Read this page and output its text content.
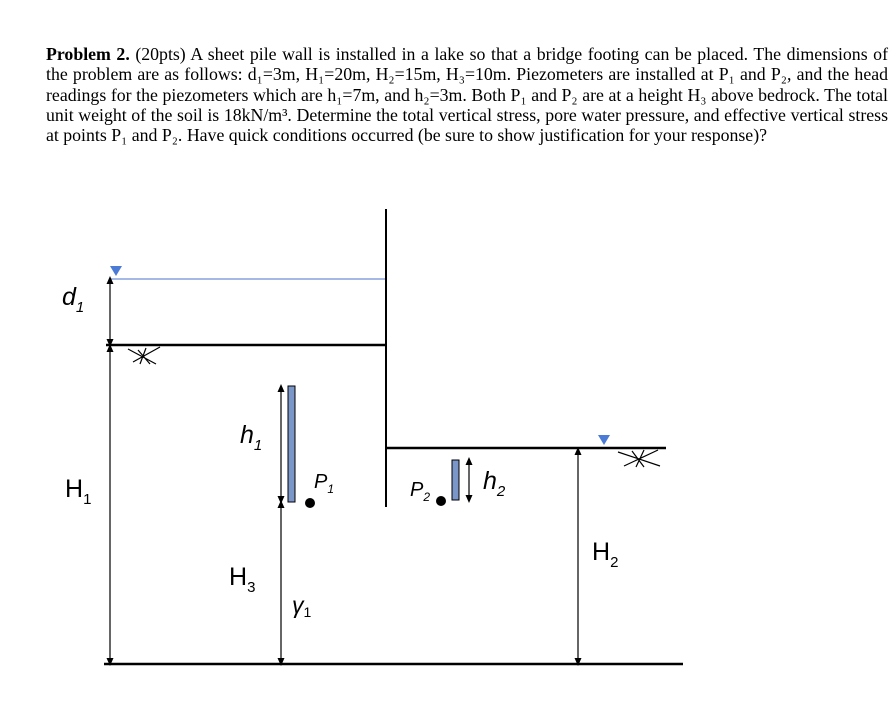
Problem 2. (20pts) A sheet pile wall is installed in a lake so that a bridge footing can be placed. The dimensions of the problem are as follows: d₁=3m, H₁=20m, H₂=15m, H₃=10m. Piezometers are installed at P₁ and P₂, and the head readings for the piezometers which are h₁=7m, and h₂=3m. Both P₁ and P₂ are at a height H₃ above bedrock. The total unit weight of the soil is 18kN/m³. Determine the total vertical stress, pore water pressure, and effective vertical stress at points P₁ and P₂. Have quick conditions occurred (be sure to show justification for your response)?

$d_1$
$H_1$
$h_1$
$P_1$
$H_3$
γ1
$P_2$
$h_2$
$H_2$
